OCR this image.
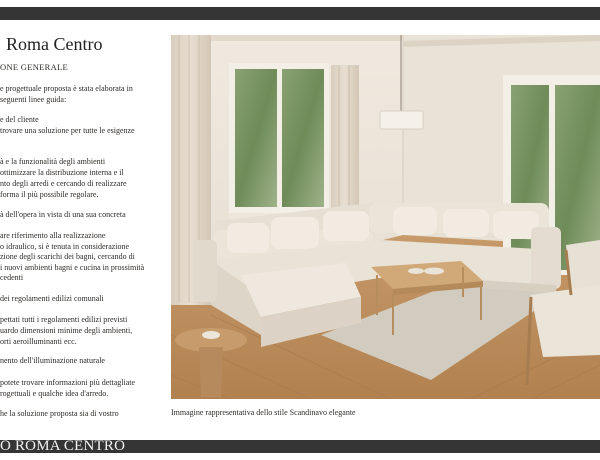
Roma Centro
ONE GENERALE
e progettuale proposta è stata elaborata in
seguenti linee guida:
e del cliente
trovare una soluzione per tutte le esigenze
à e la funzionalità degli ambienti
ottimizzare la distribuzione interna e il
nto degli arredi e cercando di realizzare
forma il più possibile regolare.
à dell'opera in vista di una sua concreta
are riferimento alla realizzazione
o idraulico, si è tenuta in considerazione
zione degli scarichi dei bagni, cercando di
i nuovi ambienti bagni e cucina in prossimità
cedenti
dei regolamenti edilizi comunali
pettati tutti i regolamenti edilizi previsti
uardo dimensioni minime degli ambienti,
orti aeroilluminanti ecc.
nento dell'illuminazione naturale
potete trovare informazioni più dettagliate
rogettuali e qualche idea d'arredo.
he la soluzione proposta sia di vostro	Immagine rappresentativa dello stile Scandinavo elegante
O ROMA CENTRO
